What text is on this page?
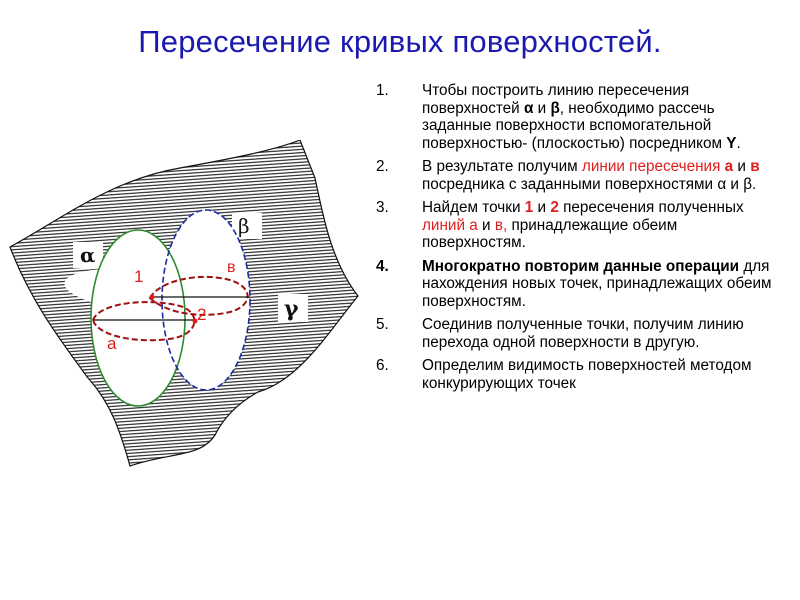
Пересечение кривых поверхностей.
α
β
γ
1
2
в
а
1. Чтобы построить линию пересечения поверхностей α и β, необходимо рассечь заданные поверхности вспомогательной поверхностью- (плоскостью) посредником Y.
2. В результате получим линии пересечения а и в посредника с заданными поверхностями α и β.
3. Найдем точки 1 и 2 пересечения полученных линий а и в, принадлежащие обеим поверхностям.
4. Многократно повторим данные операции для нахождения новых точек, принадлежащих обеим поверхностям.
5. Соединив полученные точки, получим линию перехода одной поверхности в другую.
6. Определим видимость поверхностей методом конкурирующих точек
